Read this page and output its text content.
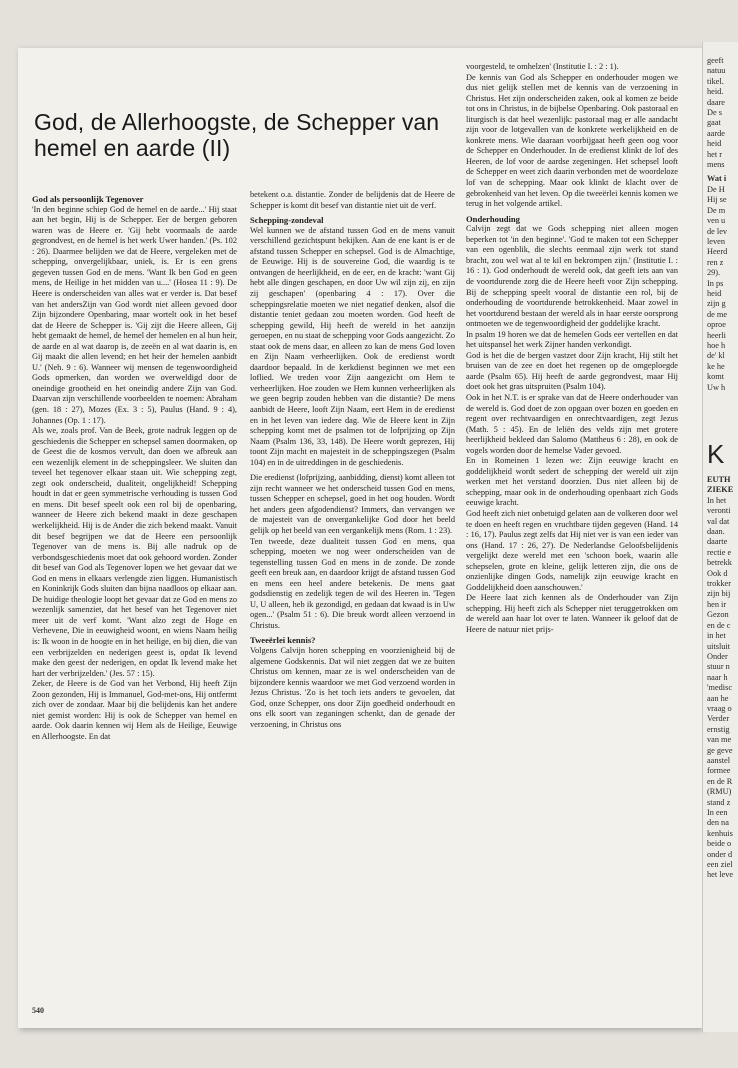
God, de Allerhoogste, de Schepper van hemel en aarde (II)
God als persoonlijk Tegenover

'In den beginne schiep God de hemel en de aarde...' Hij staat aan het begin, Hij is de Schepper. Eer de bergen geboren waren was de Heere er. 'Gij hebt voormaals de aarde gegrondvest, en de hemel is het werk Uwer handen.' (Ps. 102 : 26). Daarmee belijden we dat de Heere, vergeleken met de schepping, onvergelijkbaar, uniek, is. Er is een grens gegeven tussen God en de mens. 'Want Ik ben God en geen mens, de Heilige in het midden van u....' (Hosea 11 : 9). De Heere is onderscheiden van alles wat er verder is. Dat besef van het andersZijn van God wordt niet alleen gevoed door Zijn bijzondere Openbaring, maar wortelt ook in het besef dat de Heere de Schepper is. 'Gij zijt die Heere alleen, Gij hebt gemaakt de hemel, de hemel der hemelen en al hun heir, de aarde en al wat daarop is, de zeeën en al wat daarin is, en Gij maakt die allen levend; en het heir der hemelen aanbidt U.' (Neh. 9 : 6). Wanneer wij mensen de tegenwoordigheid Gods opmerken, dan worden we overweldigd door de oneindige grootheid en het oneindig andere Zijn van God. Daarvan zijn verschillende voorbeelden te noemen: Abraham (gen. 18 : 27), Mozes (Ex. 3 : 5), Paulus (Hand. 9 : 4), Johannes (Op. 1 : 17).

Als we, zoals prof. Van de Beek, grote nadruk leggen op de geschiedenis die Schepper en schepsel samen doormaken, op de Geest die de kosmos vervult, dan doen we afbreuk aan een wezenlijk element in de scheppingsleer. We sluiten dan teveel het tegenover elkaar staan uit. Wie schepping zegt, zegt ook onderscheid, dualiteit, ongelijkheid! Schepping houdt in dat er geen symmetrische verhouding is tussen God en mens. Dit besef speelt ook een rol bij de openbaring, wanneer de Heere zich bekend maakt in deze geschapen werkelijkheid. Hij is de Ander die zich bekend maakt. Vanuit dit besef begrijpen we dat de Heere een persoonlijk Tegenover van de mens is. Bij alle nadruk op de verbondsgeschiedenis moet dat ook gehoord worden. Zonder dit besef van God als Tegenover lopen we het gevaar dat we God en mens in elkaars verlengde zien liggen. Humanistisch en Koninkrijk Gods sluiten dan bijna naadloos op elkaar aan. De huidige theologie loopt het gevaar dat ze God en mens zo wezenlijk samenziet, dat het besef van het Tegenover niet meer uit de verf komt. 'Want alzo zegt de Hoge en Verhevene, Die in eeuwigheid woont, en wiens Naam heilig is: Ik woon in de hoogte en in het heilige, en bij dien, die van een verbrijzelden en nederigen geest is, opdat Ik levend make den geest der nederigen, en opdat Ik levend make het hart der verbrijzelden.' (Jes. 57 : 15).

Zeker, de Heere is de God van het Verbond, Hij heeft Zijn Zoon gezonden, Hij is Immanuel, God-met-ons, Hij ontfermt zich over de zondaar. Maar bij die belijdenis kan het andere niet gemist worden: Hij is ook de Schepper van hemel en aarde. Ook daarin kennen wij Hem als de Heilige, Eeuwige en Allerhoogste. En dat

betekent o.a. distantie. Zonder de belijdenis dat de Heere de Schepper is komt dit besef van distantie niet uit de verf.

Schepping-zondeval

Wel kunnen we de afstand tussen God en de mens vanuit verschillend gezichtspunt bekijken. Aan de ene kant is er de afstand tussen Schepper en schepsel. God is de Almachtige, de Eeuwige. Hij is de souvereine God, die waardig is te ontvangen de heerlijkheid, en de eer, en de kracht: 'want Gij hebt alle dingen geschapen, en door Uw wil zijn zij, en zijn zij geschapen' (openbaring 4 : 17). Over die scheppingsrelatie moeten we niet negatief denken, alsof die distantie teniet gedaan zou moeten worden. God heeft de schepping gewild, Hij heeft de wereld in het aanzijn geroepen, en nu staat de schepping voor Gods aangezicht. Zo staat ook de mens daar, en alleen zo kan de mens God loven en Zijn Naam verheerlijken. Ook de eredienst wordt daardoor bepaald. In de kerkdienst beginnen we met een loflied. We treden voor Zijn aangezicht om Hem te verheerlijken. Hoe zouden we Hem kunnen verheerlijken als we geen begrip zouden hebben van die distantie? De mens aanbidt de Heere, looft Zijn Naam, eert Hem in de eredienst en in het leven van iedere dag. Wie de Heere kent in Zijn schepping komt met de psalmen tot de lofprijzing op Zijn Naam (Psalm 136, 33, 148). De Heere wordt geprezen, Hij toont Zijn macht en majesteit in de scheppingszegen (Psalm 104) en in de uitreddingen in de geschiedenis.

Die eredienst (lofprijzing, aanbidding, dienst) komt alleen tot zijn recht wanneer we het onderscheid tussen God en mens, tussen Schepper en schepsel, goed in het oog houden. Wordt het anders geen afgodendienst? Immers, dan vervangen we de majesteit van de onvergankelijke God door het beeld gelijk op het beeld van een vergankelijk mens (Rom. 1 : 23).

Ten tweede, deze dualiteit tussen God en mens, qua schepping, moeten we nog weer onderscheiden van de tegenstelling tussen God en mens in de zonde. De zonde geeft een breuk aan, en daardoor krijgt de afstand tussen God en mens een heel andere betekenis. De mens gaat godsdienstig en zedelijk tegen de wil des Heeren in. 'Tegen U, U alleen, heb ik gezondigd, en gedaan dat kwaad is in Uw ogen...' (Psalm 51 : 6). Die breuk wordt alleen verzoend in Christus.

Tweeërlei kennis?

Volgens Calvijn horen schepping en voorzienigheid bij de algemene Godskennis. Dat wil niet zeggen dat we ze buiten Christus om kennen, maar ze is wel onderscheiden van de bijzondere kennis waardoor we met God verzoend worden in Jezus Christus. 'Zo is het toch iets anders te gevoelen, dat God, onze Schepper, ons door Zijn goedheid onderhoudt en ons elk soort van zeganingen schenkt, dan de genade der verzoening, in Christus ons

voorgesteld, te omhelzen' (Institutie I. : 2 : 1).

De kennis van God als Schepper en onderhouder mogen we dus niet gelijk stellen met de kennis van de verzoening in Christus. Het zijn onderscheiden zaken, ook al komen ze beide tot ons in Christus, in de bijbelse Openbaring. Ook pastoraal en liturgisch is dat heel wezenlijk: pastoraal mag er alle aandacht zijn voor de lotgevallen van de konkrete werkelijkheid en de konkrete mens. Wie daaraan voorbijgaat heeft geen oog voor de Schepper en Onderhouder. In de eredienst klinkt de lof des Heeren, de lof voor de aardse zegeningen. Het schepsel looft de Schepper en weet zich daarin verbonden met de woordeloze lof van de schepping. Maar ook klinkt de klacht over de gebrokenheid van het leven. Op die tweeërlei kennis komen we terug in het volgende artikel.

Onderhouding

Calvijn zegt dat we Gods schepping niet alleen mogen beperken tot 'in den beginne'. 'God te maken tot een Schepper van een ogenblik, die slechts eenmaal zijn werk tot stand bracht, zou wel wat al te kil en bekrompen zijn.' (Institutie I. : 16 : 1). God onderhoudt de wereld ook, dat geeft iets aan van de voortdurende zorg die de Heere heeft voor Zijn schepping. Bij de schepping speelt vooral de distantie een rol, bij de onderhouding de voortdurende betrokkenheid. Maar zowel in het voortdurend bestaan der wereld als in haar eerste oorsprong ontmoeten we de tegenwoordigheid der goddelijke kracht.

In psalm 19 horen we dat de hemelen Gods eer vertellen en dat het uitspansel het werk Zijner handen verkondigt.

God is het die de bergen vastzet door Zijn kracht, Hij stilt het bruisen van de zee en doet het regenen op de omgeploegde aarde (Psalm 65). Hij heeft de aarde gegrondvest, maar Hij doet ook het gras uitspruiten (Psalm 104).

Ook in het N.T. is er sprake van dat de Heere onderhouder van de wereld is. God doet de zon opgaan over bozen en goeden en regent over rechtvaardigen en onrechtvaardigen, zegt Jezus (Math. 5 : 45). En de leliën des velds zijn met grotere heerlijkheid bekleed dan Salomo (Mattheus 6 : 28), en ook de vogels worden door de hemelse Vader gevoed.

En in Romeinen 1 lezen we: Zijn eeuwige kracht en goddelijkheid wordt sedert de schepping der wereld uit zijn werken met het verstand doorzien. Dus niet alleen bij de schepping, maar ook in de onderhouding openbaart zich Gods eeuwige kracht.

God heeft zich niet onbetuigd gelaten aan de volkeren door wel te doen en heeft regen en vruchtbare tijden gegeven (Hand. 14 : 16, 17). Paulus zegt zelfs dat Hij niet ver is van een ieder van ons (Hand. 17 : 26, 27). De Nederlandse Geloofsbelijdenis vergelijkt deze wereld met een 'schoon boek, waarin alle schepselen, grote en kleine, gelijk letteren zijn, die ons de onzienlijke dingen Gods, namelijk zijn eeuwige kracht en Goddelijkheid doen aanschouwen.'

De Heere laat zich kennen als de Onderhouder van Zijn schepping. Hij heeft zich als Schepper niet teruggetrokken om de wereld aan haar lot over te laten. Wanneer ik geloof dat de Heere de natuur niet prijs-

540
geeft
natuu
tikel.
heid.
daare
De s
gaat
aarde
heid
het r
mens
Wat i
De H
Hij se
De m
ven u
de lev
leven
Heerd
ren z
29).
In ps
heid
zijn g
de me
oproe
heerli
hoe h
de' kl
ke he
komt
Uw h
K
EUTH
ZIEKE
In het
veronti
val dat
daan.
daarte
rectie e
betrekk
Ook d
trokker
zijn bij
hen ir
Gezon
en de c
in het
uitsluit
Onder
stuur n
naar h
'medisc
aan he
vraag o
Verder
ernstig
van me
ge geve
aanstel
formee
en de R
(RMU)
stand z
In een
den na
kenhuis
beide o
onder d
een ziel
het leve
